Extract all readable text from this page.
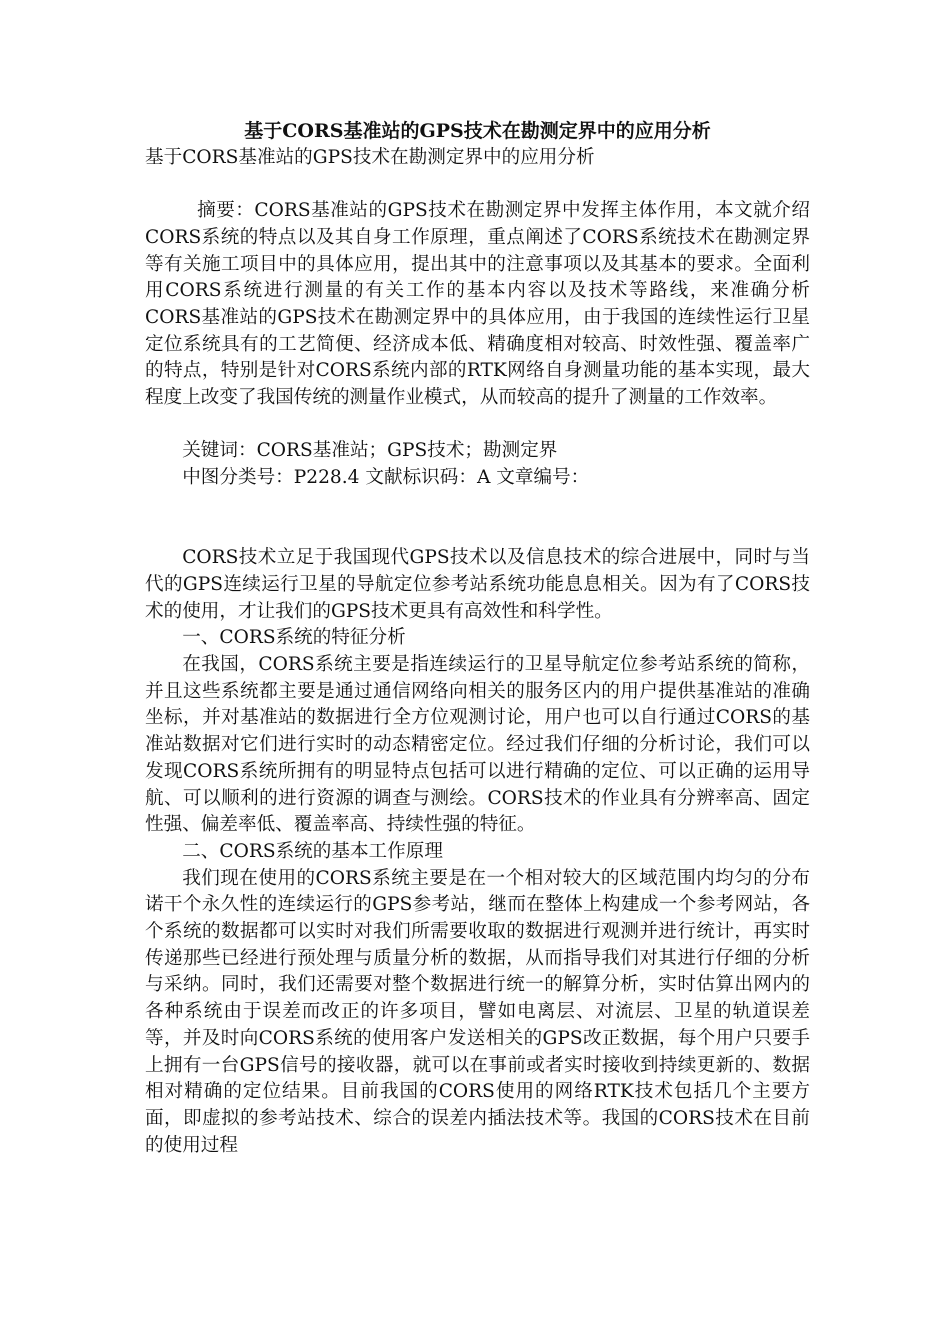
基于CORS基准站的GPS技术在勘测定界中的应用分析

基于CORS基准站的GPS技术在勘测定界中的应用分析

摘要：CORS基准站的GPS技术在勘测定界中发挥主体作用，本文就介绍CORS系统的特点以及其自身工作原理，重点阐述了CORS系统技术在勘测定界等有关施工项目中的具体应用，提出其中的注意事项以及其基本的要求。全面利用CORS系统进行测量的有关工作的基本内容以及技术等路线，来准确分析CORS基准站的GPS技术在勘测定界中的具体应用，由于我国的连续性运行卫星定位系统具有的工艺简便、经济成本低、精确度相对较高、时效性强、覆盖率广的特点，特别是针对CORS系统内部的RTK网络自身测量功能的基本实现，最大程度上改变了我国传统的测量作业模式，从而较高的提升了测量的工作效率。

关键词：CORS基准站；GPS技术；勘测定界

中图分类号：P228.4 文献标识码：A 文章编号：

CORS技术立足于我国现代GPS技术以及信息技术的综合进展中，同时与当代的GPS连续运行卫星的导航定位参考站系统功能息息相关。因为有了CORS技术的使用，才让我们的GPS技术更具有高效性和科学性。

一、CORS系统的特征分析

在我国，CORS系统主要是指连续运行的卫星导航定位参考站系统的简称，并且这些系统都主要是通过通信网络向相关的服务区内的用户提供基准站的准确坐标，并对基准站的数据进行全方位观测讨论，用户也可以自行通过CORS的基准站数据对它们进行实时的动态精密定位。经过我们仔细的分析讨论，我们可以发现CORS系统所拥有的明显特点包括可以进行精确的定位、可以正确的运用导航、可以顺利的进行资源的调查与测绘。CORS技术的作业具有分辨率高、固定性强、偏差率低、覆盖率高、持续性强的特征。

二、CORS系统的基本工作原理

我们现在使用的CORS系统主要是在一个相对较大的区域范围内均匀的分布诺干个永久性的连续运行的GPS参考站，继而在整体上构建成一个参考网站，各个系统的数据都可以实时对我们所需要收取的数据进行观测并进行统计，再实时传递那些已经进行预处理与质量分析的数据，从而指导我们对其进行仔细的分析与采纳。同时，我们还需要对整个数据进行统一的解算分析，实时估算出网内的各种系统由于误差而改正的许多项目，譬如电离层、对流层、卫星的轨道误差等，并及时向CORS系统的使用客户发送相关的GPS改正数据，每个用户只要手上拥有一台GPS信号的接收器，就可以在事前或者实时接收到持续更新的、数据相对精确的定位结果。目前我国的CORS使用的网络RTK技术包括几个主要方面，即虚拟的参考站技术、综合的误差内插法技术等。我国的CORS技术在目前的使用过程
